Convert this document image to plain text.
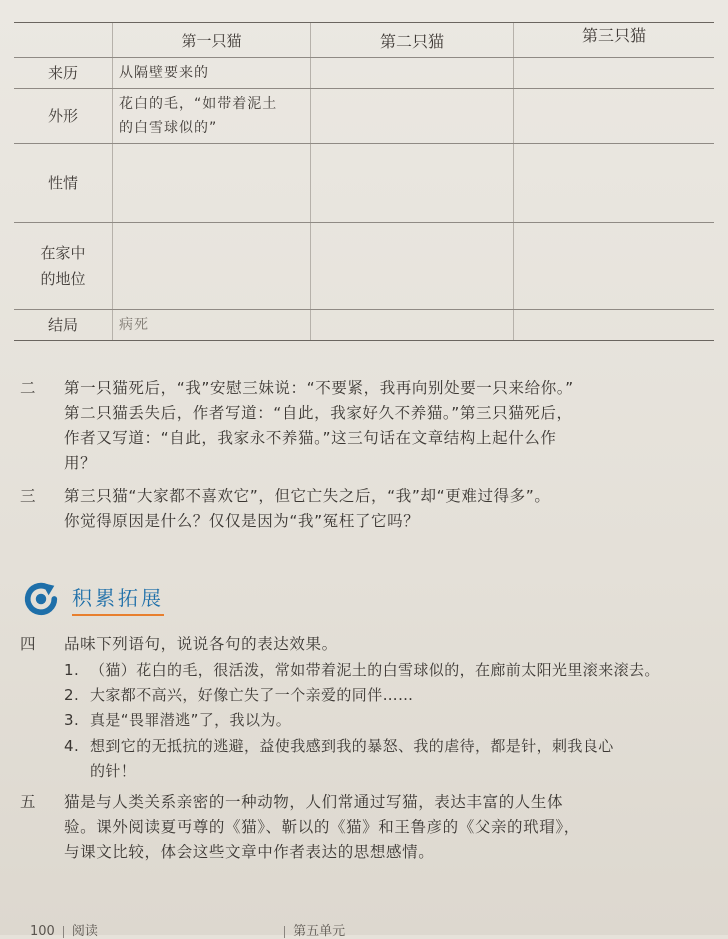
	第一只猫	第二只猫	第三只猫
来历	从隔壁要来的		
外形	花白的毛，“如带着泥土
的白雪球似的”		

性情			

在家中
的地位			

结局	病死		
二	第一只猫死后，“我”安慰三妹说：“不要紧，我再向别处要一只来给你。”
第二只猫丢失后，作者写道：“自此，我家好久不养猫。”第三只猫死后，
作者又写道：“自此，我家永不养猫。”这三句话在文章结构上起什么作
用？
三	第三只猫“大家都不喜欢它”，但它亡失之后，“我”却“更难过得多”。
你觉得原因是什么？仅仅是因为“我”冤枉了它吗？
积累拓展
四	品味下列语句，说说各句的表达效果。
1. （猫）花白的毛，很活泼，常如带着泥土的白雪球似的，在廊前太阳光里滚来滚去。
2. 大家都不高兴，好像亡失了一个亲爱的同伴……
3. 真是“畏罪潜逃”了，我以为。
4. 想到它的无抵抗的逃避，益使我感到我的暴怒、我的虐待，都是针，刺我良心
的针！
五	猫是与人类关系亲密的一种动物，人们常通过写猫，表达丰富的人生体
验。课外阅读夏丏尊的《猫》、靳以的《猫》和王鲁彦的《父亲的玳瑁》，
与课文比较，体会这些文章中作者表达的思想感情。
100 阅读	第五单元
